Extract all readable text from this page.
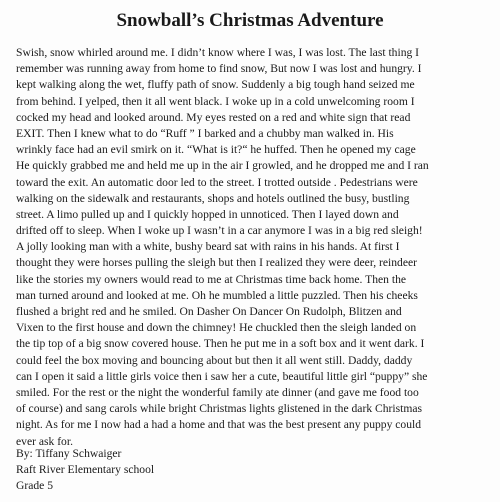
Snowball’s Christmas Adventure
Swish, snow whirled around me. I didn’t know where I was, I was lost. The last thing I
remember was running away from home to find snow, But now I was lost and hungry. I
kept walking along the wet, fluffy path of snow. Suddenly a big tough hand seized me
from behind. I yelped, then it all went black. I woke up in a cold unwelcoming room I
cocked my head and looked around. My eyes rested on a red and white sign that read
EXIT. Then I knew what to do “Ruff ” I barked and a chubby man walked in. His
wrinkly face had an evil smirk on it. “What is it?“ he huffed. Then he opened my cage
He quickly grabbed me and held me up in the air I growled, and he dropped me and I ran
toward the exit. An automatic door led to the street. I trotted outside . Pedestrians were
walking on the sidewalk and restaurants, shops and hotels outlined the busy, bustling
street. A limo pulled up and I quickly hopped in unnoticed. Then I layed down and
drifted off to sleep. When I woke up I wasn’t in a car anymore I was in a big red sleigh!
A jolly looking man with a white, bushy beard sat with rains in his hands. At first I
thought they were horses pulling the sleigh but then I realized they were deer, reindeer
like the stories my owners would read to me at Christmas time back home. Then the
man turned around and looked at me. Oh he mumbled a little puzzled. Then his cheeks
flushed a bright red and he smiled. On Dasher On Dancer On Rudolph, Blitzen and
Vixen to the first house and down the chimney! He chuckled then the sleigh landed on
the tip top of a big snow covered house. Then he put me in a soft box and it went dark. I
could feel the box moving and bouncing about but then it all went still. Daddy, daddy
can I open it said a little girls voice then i saw her a cute, beautiful little girl “puppy” she
smiled. For the rest or the night the wonderful family ate dinner (and gave me food too
of course) and sang carols while bright Christmas lights glistened in the dark Christmas
night. As for me I now had a had a home and that was the best present any puppy could
ever ask for.
By: Tiffany Schwaiger
Raft River Elementary school
Grade 5
